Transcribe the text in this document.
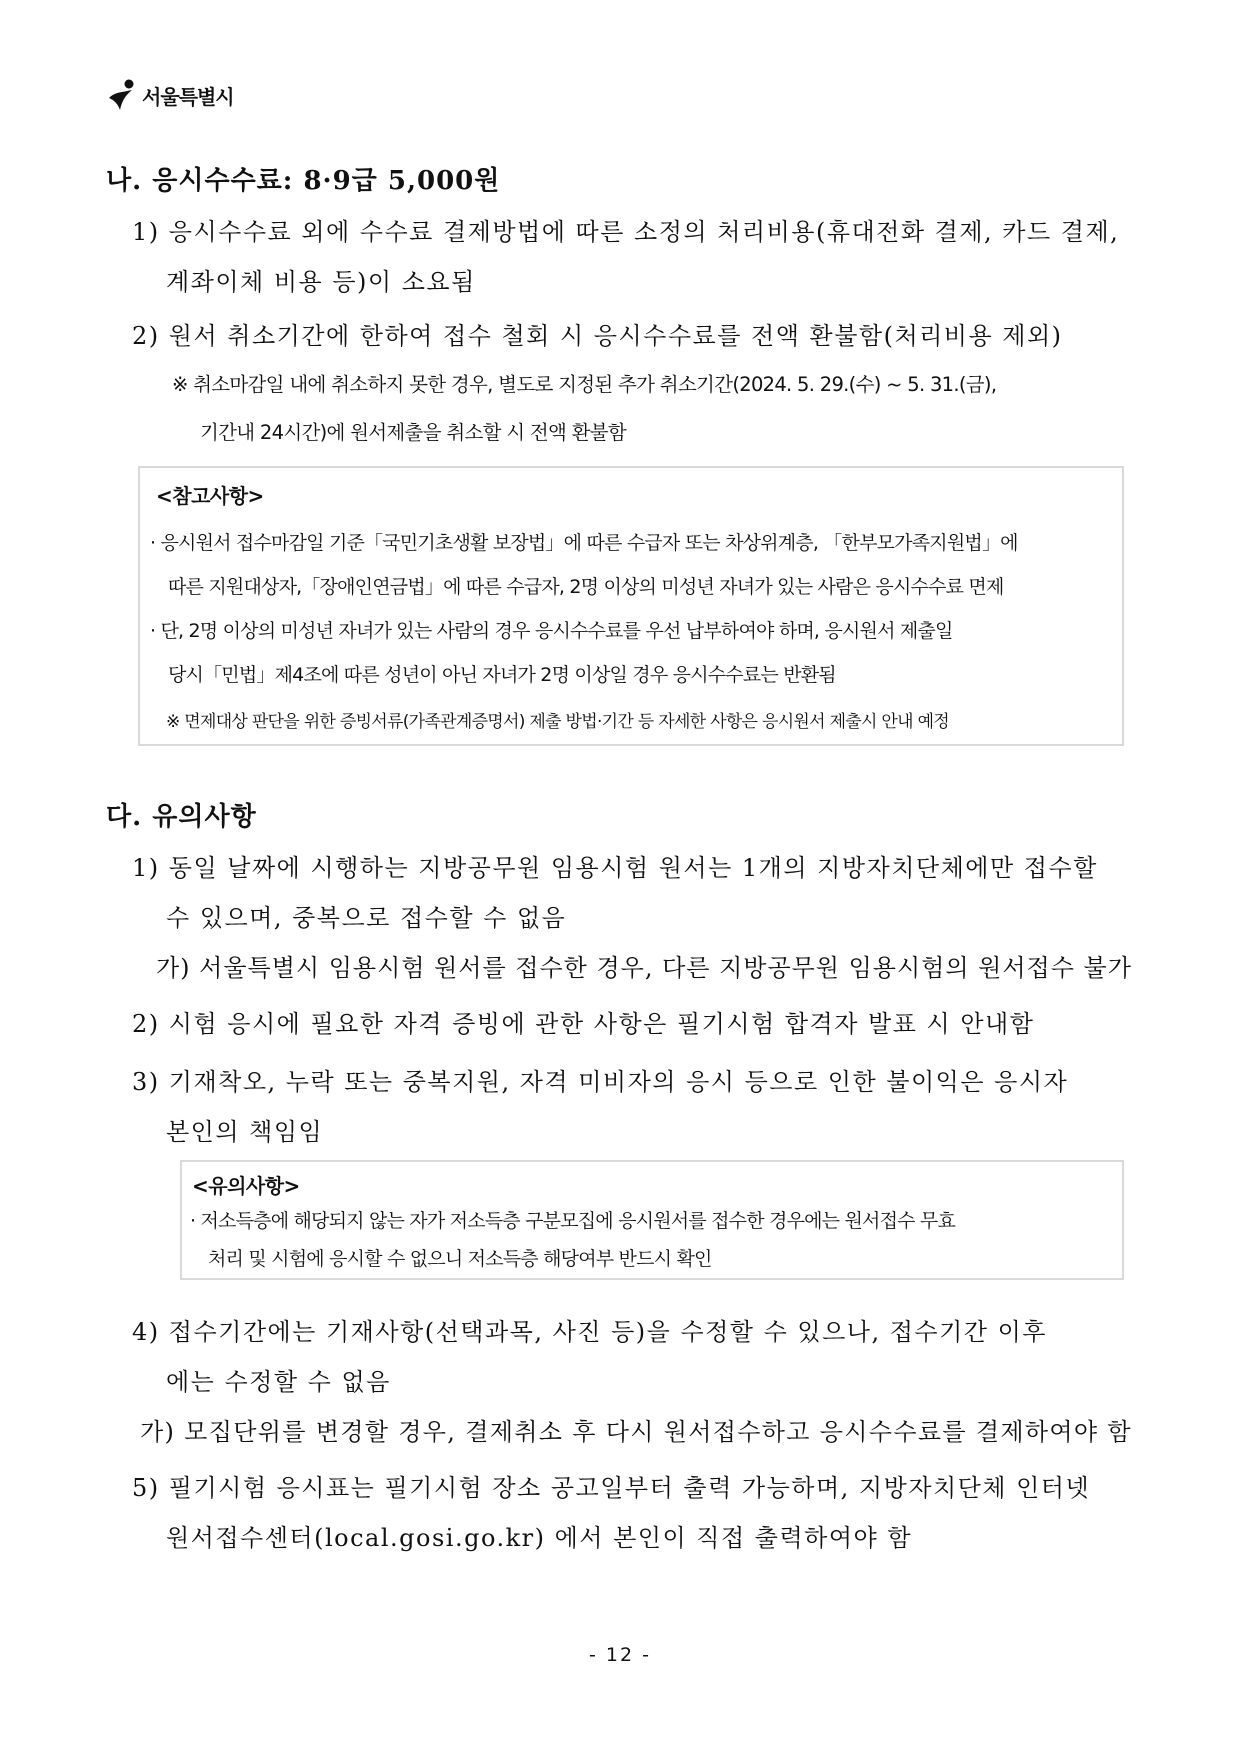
서울특별시
나. 응시수수료: 8·9급 5,000원
1) 응시수수료 외에 수수료 결제방법에 따른 소정의 처리비용(휴대전화 결제, 카드 결제,
계좌이체 비용 등)이 소요됨
2) 원서 취소기간에 한하여 접수 철회 시 응시수수료를 전액 환불함(처리비용 제외)
※ 취소마감일 내에 취소하지 못한 경우, 별도로 지정된 추가 취소기간(2024. 5. 29.(수) ~ 5. 31.(금),
기간내 24시간)에 원서제출을 취소할 시 전액 환불함
<참고사항>
· 응시원서 접수마감일 기준「국민기초생활 보장법」에 따른 수급자 또는 차상위계층, 「한부모가족지원법」에
따른 지원대상자,「장애인연금법」에 따른 수급자, 2명 이상의 미성년 자녀가 있는 사람은 응시수수료 면제
· 단, 2명 이상의 미성년 자녀가 있는 사람의 경우 응시수수료를 우선 납부하여야 하며, 응시원서 제출일
당시「민법」제4조에 따른 성년이 아닌 자녀가 2명 이상일 경우 응시수수료는 반환됨
※ 면제대상 판단을 위한 증빙서류(가족관계증명서) 제출 방법·기간 등 자세한 사항은 응시원서 제출시 안내 예정
다. 유의사항
1) 동일 날짜에 시행하는 지방공무원 임용시험 원서는 1개의 지방자치단체에만 접수할
수 있으며, 중복으로 접수할 수 없음
가) 서울특별시 임용시험 원서를 접수한 경우, 다른 지방공무원 임용시험의 원서접수 불가
2) 시험 응시에 필요한 자격 증빙에 관한 사항은 필기시험 합격자 발표 시 안내함
3) 기재착오, 누락 또는 중복지원, 자격 미비자의 응시 등으로 인한 불이익은 응시자
본인의 책임임
<유의사항>
· 저소득층에 해당되지 않는 자가 저소득층 구분모집에 응시원서를 접수한 경우에는 원서접수 무효
처리 및 시험에 응시할 수 없으니 저소득층 해당여부 반드시 확인
4) 접수기간에는 기재사항(선택과목, 사진 등)을 수정할 수 있으나, 접수기간 이후
에는 수정할 수 없음
가) 모집단위를 변경할 경우, 결제취소 후 다시 원서접수하고 응시수수료를 결제하여야 함
5) 필기시험 응시표는 필기시험 장소 공고일부터 출력 가능하며, 지방자치단체 인터넷
원서접수센터(local.gosi.go.kr) 에서 본인이 직접 출력하여야 함
- 12 -
